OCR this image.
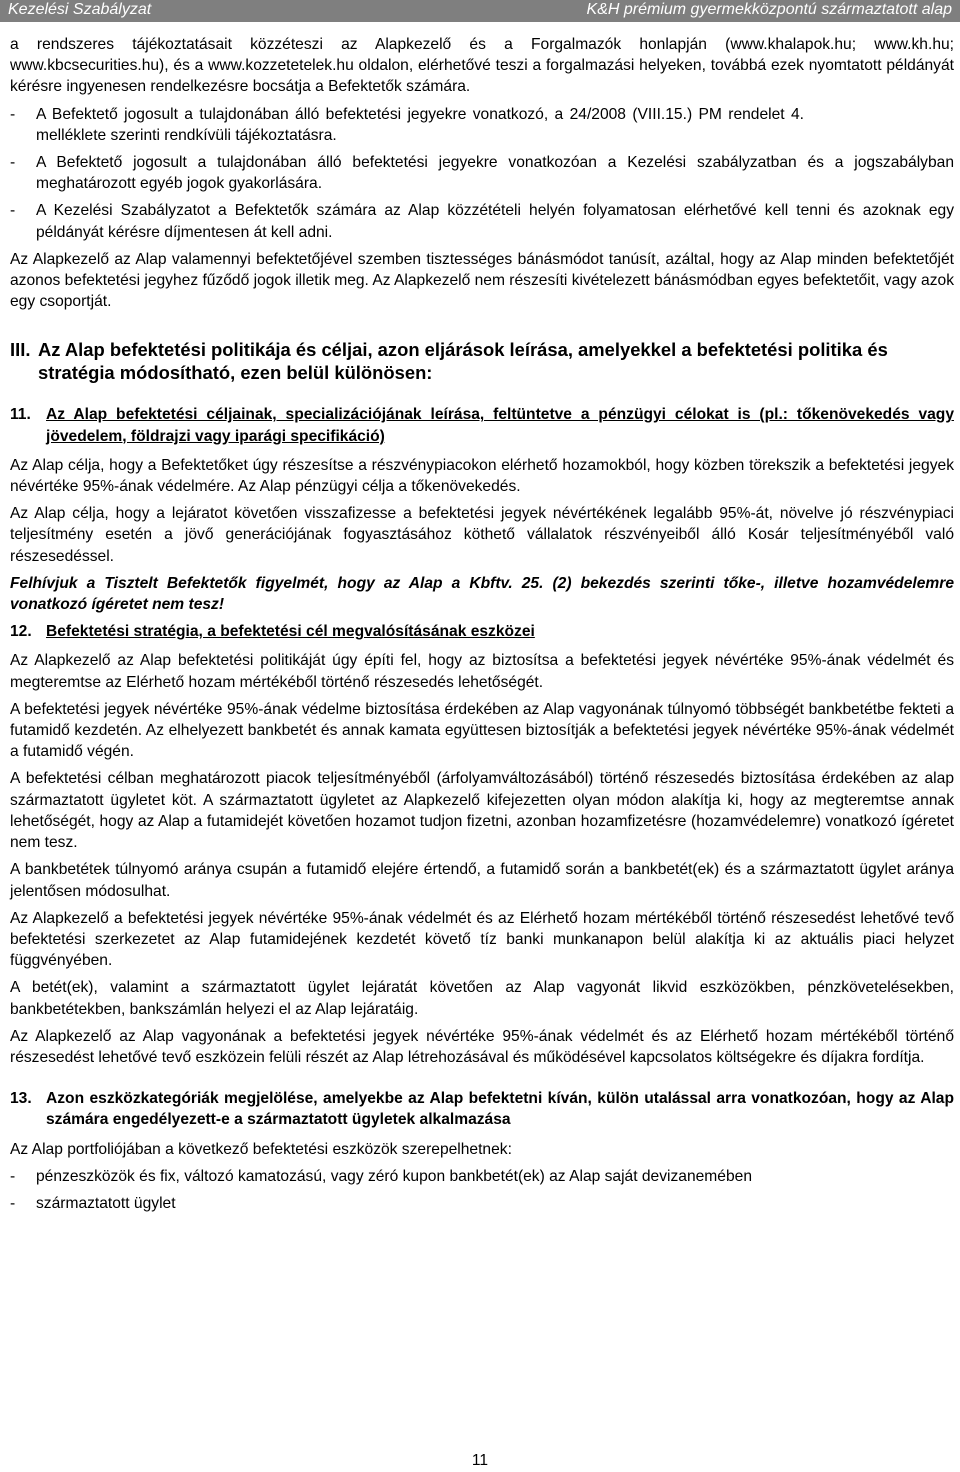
Kezelési Szabályzat	K&H prémium gyermekközpontú származtatott alap

a rendszeres tájékoztatásait közzéteszi az Alapkezelő és a Forgalmazók honlapján (www.khalapok.hu; www.kh.hu; www.kbcsecurities.hu), és a www.kozzetetelek.hu oldalon, elérhetővé teszi a forgalmazási helyeken, továbbá ezek nyomtatott példányát kérésre ingyenesen rendelkezésre bocsátja a Befektetők számára.

-	A Befektető jogosult a tulajdonában álló befektetési jegyekre vonatkozó, a 24/2008 (VIII.15.) PM rendelet 4. melléklete szerinti rendkívüli tájékoztatásra.
-	A Befektető jogosult a tulajdonában álló befektetési jegyekre vonatkozóan a Kezelési szabályzatban és a jogszabályban meghatározott egyéb jogok gyakorlására.
-	A Kezelési Szabályzatot a Befektetők számára az Alap közzétételi helyén folyamatosan elérhetővé kell tenni és azoknak egy példányát kérésre díjmentesen át kell adni.

Az Alapkezelő az Alap valamennyi befektetőjével szemben tisztességes bánásmódot tanúsít, azáltal, hogy az Alap minden befektetőjét azonos befektetési jegyhez fűződő jogok illetik meg. Az Alapkezelő nem részesíti kivételezett bánásmódban egyes befektetőit, vagy azok egy csoportját.

III. Az Alap befektetési politikája és céljai, azon eljárások leírása, amelyekkel a befektetési politika és stratégia módosítható, ezen belül különösen:
11. Az Alap befektetési céljainak, specializációjának leírása, feltüntetve a pénzügyi célokat is (pl.: tőkenövekedés vagy jövedelem, földrajzi vagy iparági specifikáció)

Az Alap célja, hogy a Befektetőket úgy részesítse a részvénypiacokon elérhető hozamokból, hogy közben törekszik a befektetési jegyek névértéke 95%-ának védelmére. Az Alap pénzügyi célja a tőkenövekedés.

Az Alap célja, hogy a lejáratot követően visszafizesse a befektetési jegyek névértékének legalább 95%-át, növelve jó részvénypiaci teljesítmény esetén a jövő generációjának fogyasztásához köthető vállalatok részvényeiből álló Kosár teljesítményéből való részesedéssel.

Felhívjuk a Tisztelt Befektetők figyelmét, hogy az Alap a Kbftv. 25. (2) bekezdés szerinti tőke-, illetve hozamvédelemre vonatkozó ígéretet nem tesz!

12. Befektetési stratégia, a befektetési cél megvalósításának eszközei

Az Alapkezelő az Alap befektetési politikáját úgy építi fel, hogy az biztosítsa a befektetési jegyek névértéke 95%-ának védelmét és megteremtse az Elérhető hozam mértékéből történő részesedés lehetőségét.

A befektetési jegyek névértéke 95%-ának védelme biztosítása érdekében az Alap vagyonának túlnyomó többségét bankbetétbe fekteti a futamidő kezdetén. Az elhelyezett bankbetét és annak kamata együttesen biztosítják a befektetési jegyek névértéke 95%-ának védelmét a futamidő végén.

A befektetési célban meghatározott piacok teljesítményéből (árfolyamváltozásából) történő részesedés biztosítása érdekében az alap származtatott ügyletet köt. A származtatott ügyletet az Alapkezelő kifejezetten olyan módon alakítja ki, hogy az megteremtse annak lehetőségét, hogy az Alap a futamidejét követően hozamot tudjon fizetni, azonban hozamfizetésre (hozamvédelemre) vonatkozó ígéretet nem tesz.

A bankbetétek túlnyomó aránya csupán a futamidő elejére értendő, a futamidő során a bankbetét(ek) és a származtatott ügylet aránya jelentősen módosulhat.

Az Alapkezelő a befektetési jegyek névértéke 95%-ának védelmét és az Elérhető hozam mértékéből történő részesedést lehetővé tevő befektetési szerkezetet az Alap futamidejének kezdetét követő tíz banki munkanapon belül alakítja ki az aktuális piaci helyzet függvényében.

A betét(ek), valamint a származtatott ügylet lejáratát követően az Alap vagyonát likvid eszközökben, pénzkövetelésekben, bankbetétekben, bankszámlán helyezi el az Alap lejáratáig.

Az Alapkezelő az Alap vagyonának a befektetési jegyek névértéke 95%-ának védelmét és az Elérhető hozam mértékéből történő részesedést lehetővé tevő eszközein felüli részét az Alap létrehozásával és működésével kapcsolatos költségekre és díjakra fordítja.

13. Azon eszközkategóriák megjelölése, amelyekbe az Alap befektetni kíván, külön utalással arra vonatkozóan, hogy az Alap számára engedélyezett-e a származtatott ügyletek alkalmazása

Az Alap portfoliójában a következő befektetési eszközök szerepelhetnek:

-	pénzeszközök és fix, változó kamatozású, vagy zéró kupon bankbetét(ek) az Alap saját devizanemében
-	származtatott ügylet
11
